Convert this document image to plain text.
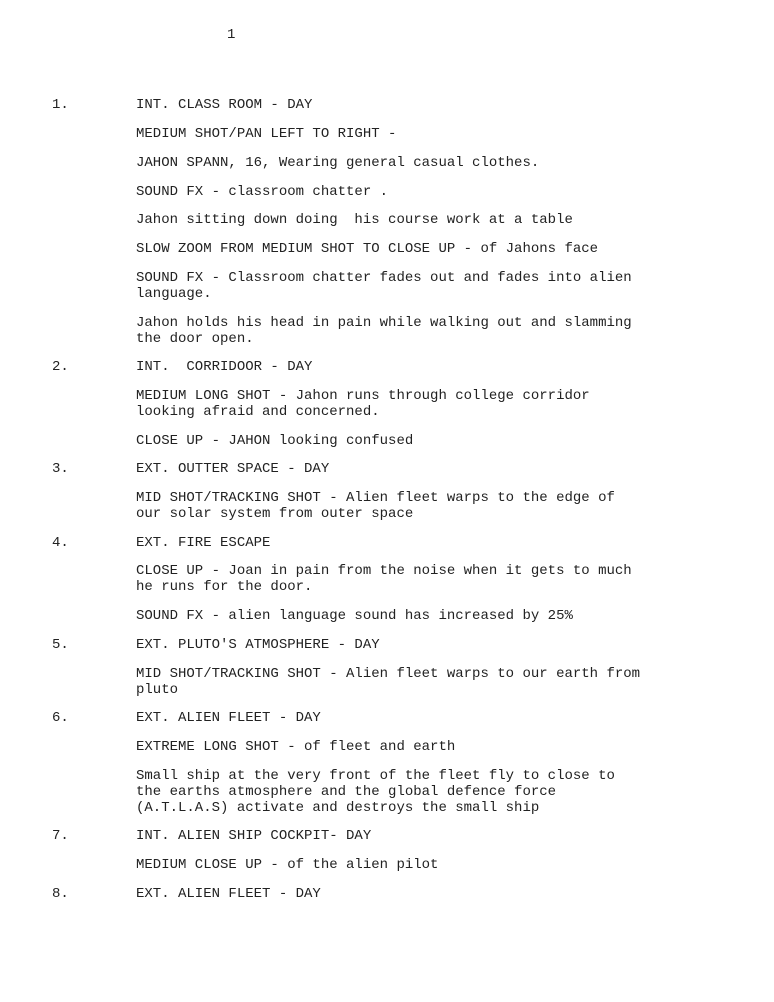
1
1.	INT. CLASS ROOM - DAY
MEDIUM SHOT/PAN LEFT TO RIGHT -
JAHON SPANN, 16, Wearing general casual clothes.
SOUND FX - classroom chatter .
Jahon sitting down doing  his course work at a table
SLOW ZOOM FROM MEDIUM SHOT TO CLOSE UP - of Jahons face
SOUND FX - Classroom chatter fades out and fades into alien
language.
Jahon holds his head in pain while walking out and slamming
the door open.
2.	INT.  CORRIDOOR - DAY
MEDIUM LONG SHOT - Jahon runs through college corridor
looking afraid and concerned.
CLOSE UP - JAHON looking confused
3.	EXT. OUTTER SPACE - DAY
MID SHOT/TRACKING SHOT - Alien fleet warps to the edge of
our solar system from outer space
4.	EXT. FIRE ESCAPE
CLOSE UP - Joan in pain from the noise when it gets to much
he runs for the door.
SOUND FX - alien language sound has increased by 25%
5.	EXT. PLUTO'S ATMOSPHERE - DAY
MID SHOT/TRACKING SHOT - Alien fleet warps to our earth from
pluto
6.	EXT. ALIEN FLEET - DAY
EXTREME LONG SHOT - of fleet and earth
Small ship at the very front of the fleet fly to close to
the earths atmosphere and the global defence force
(A.T.L.A.S) activate and destroys the small ship
7.	INT. ALIEN SHIP COCKPIT- DAY
MEDIUM CLOSE UP - of the alien pilot
8.	EXT. ALIEN FLEET - DAY
